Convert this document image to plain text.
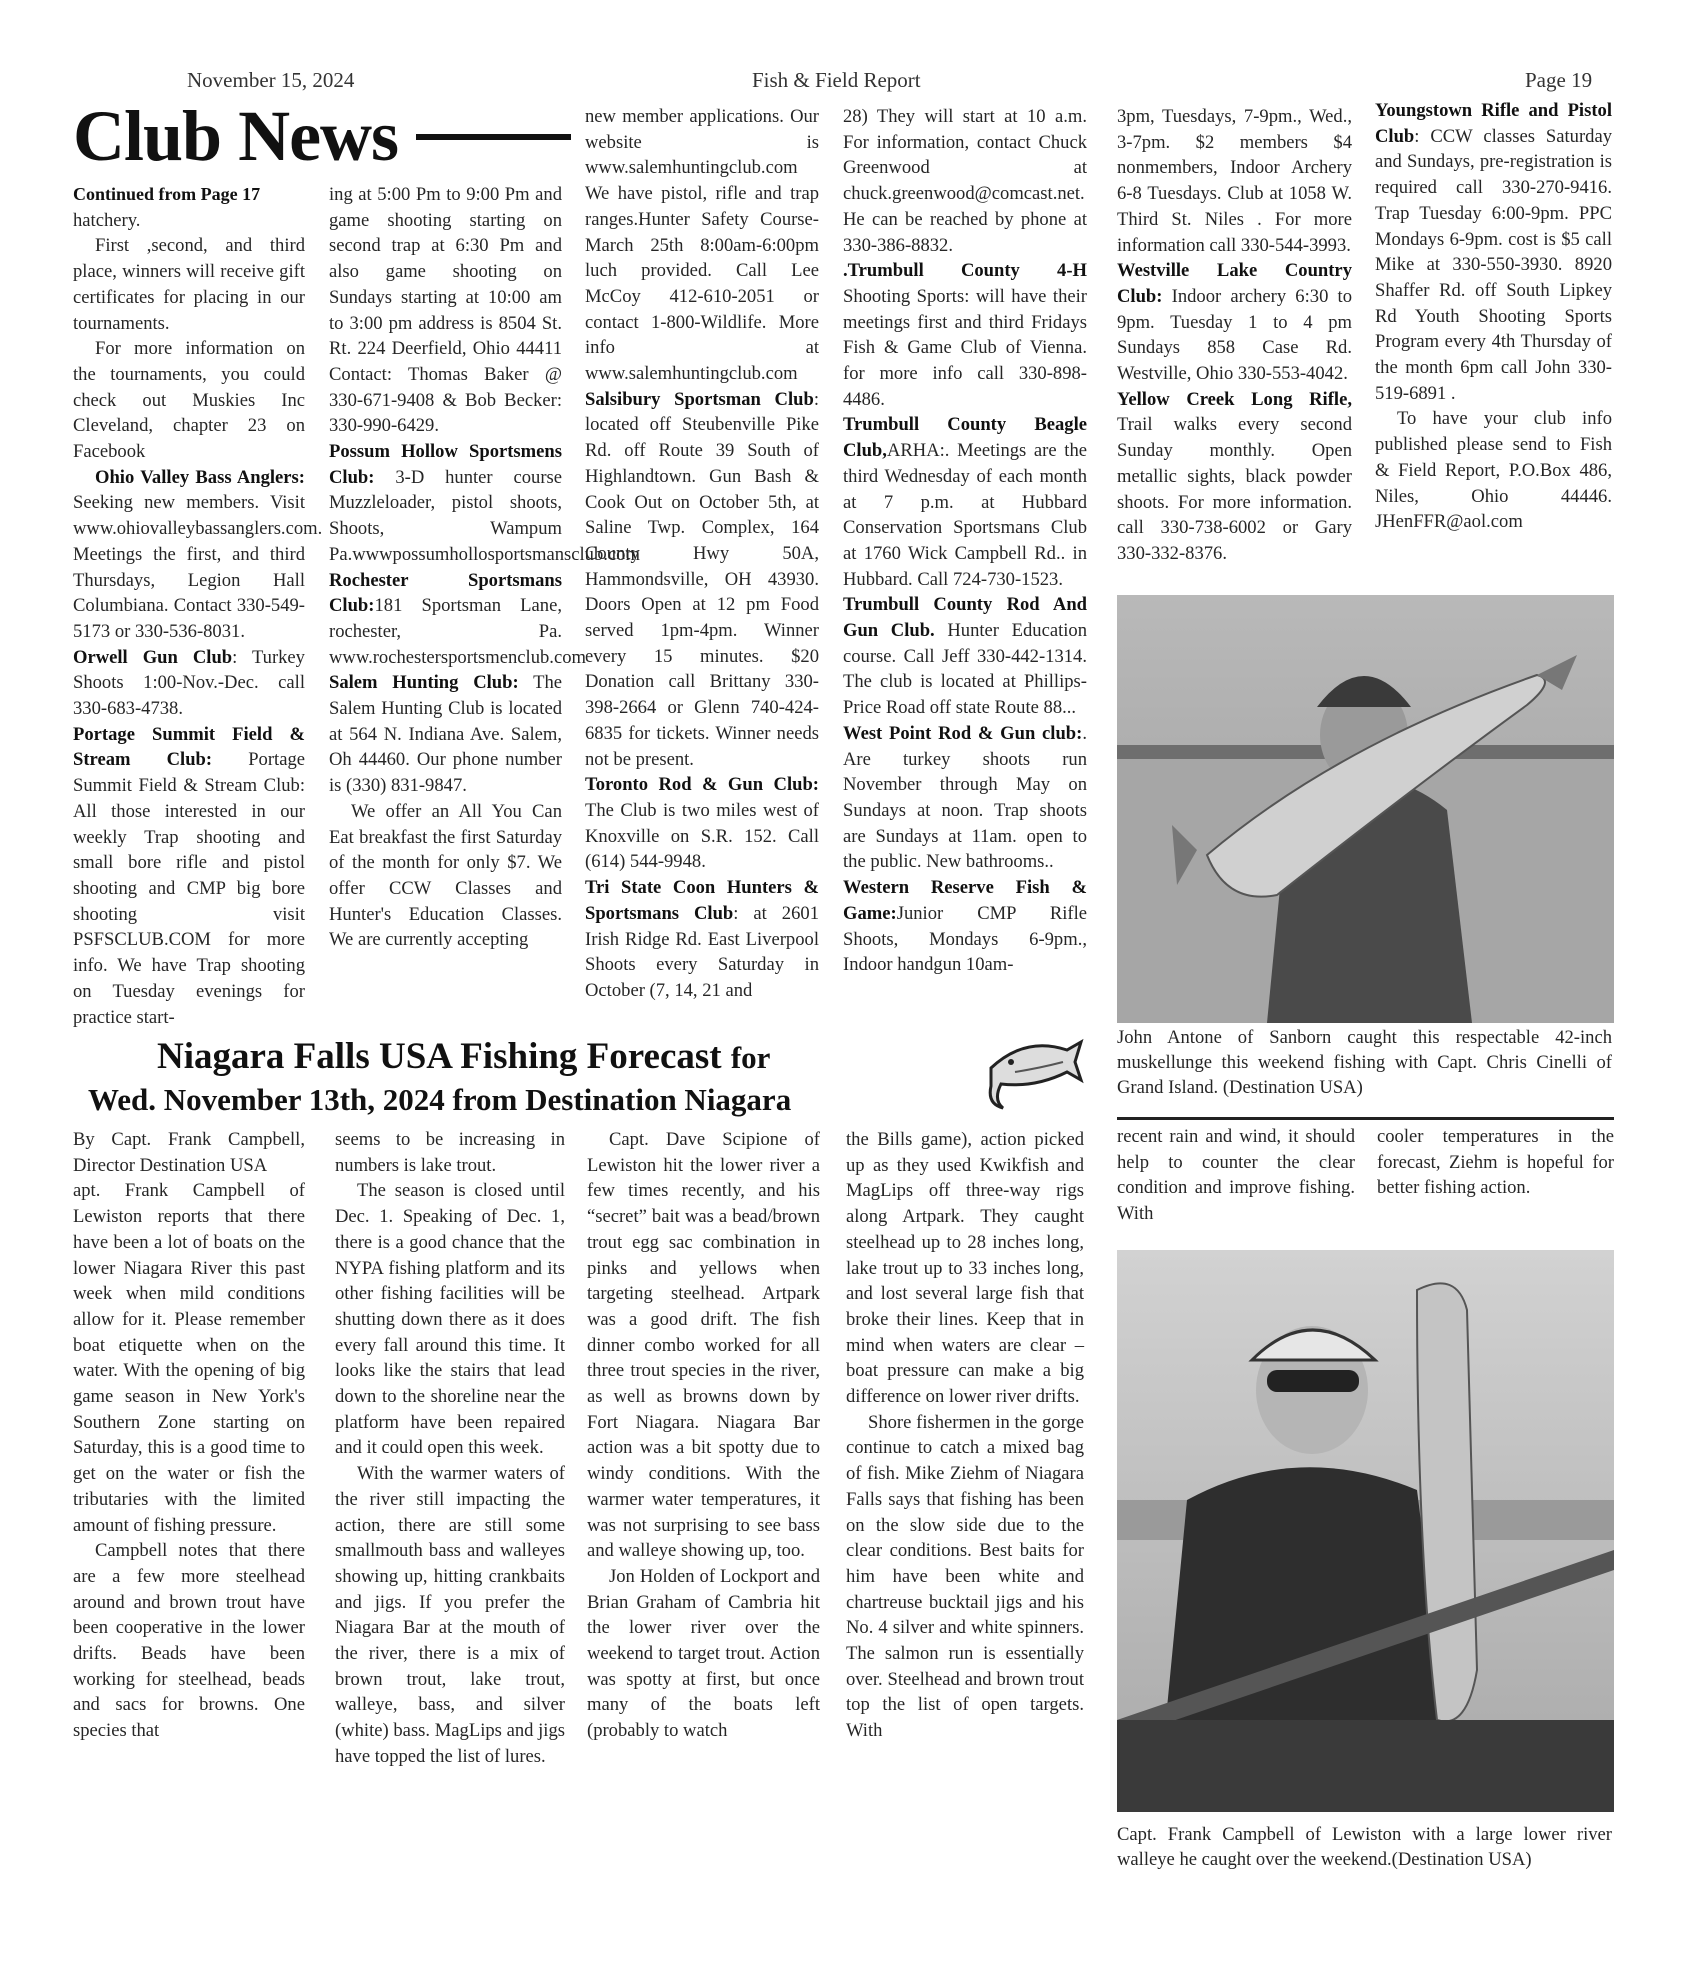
November 15, 2024	Fish & Field Report	Page 19
Club News

Continued from Page 17

hatchery.

First ,second, and third place, winners will receive gift certificates for placing in our tournaments.

For more information on the tournaments, you could check out Muskies Inc Cleveland, chapter 23 on Facebook

Ohio Valley Bass Anglers: Seeking new members. Visit www.ohiovalleybassanglers.com. Meetings the first, and third Thursdays, Legion Hall Columbiana. Contact 330-549-5173 or 330-536-8031.

Orwell Gun Club: Turkey Shoots 1:00-Nov.-Dec. call 330-683-4738.

Portage Summit Field & Stream Club: Portage Summit Field & Stream Club: All those interested in our weekly Trap shooting and small bore rifle and pistol shooting and CMP big bore shooting visit PSFSCLUB.COM for more info. We have Trap shooting on Tuesday evenings for practice start-

ing at 5:00 Pm to 9:00 Pm and game shooting starting on second trap at 6:30 Pm and also game shooting on Sundays starting at 10:00 am to 3:00 pm address is 8504 St. Rt. 224 Deerfield, Ohio 44411 Contact: Thomas Baker @ 330-671-9408 & Bob Becker: 330-990-6429.

Possum Hollow Sportsmens Club: 3-D hunter course Muzzleloader, pistol shoots, Shoots, Wampum Pa.wwwpossumhollosportsmansclub.com

Rochester Sportsmans Club:181 Sportsman Lane, rochester, Pa. www.rochestersportsmenclub.com

Salem Hunting Club: The Salem Hunting Club is located at 564 N. Indiana Ave. Salem, Oh 44460. Our phone number is (330) 831-9847.

We offer an All You Can Eat breakfast the first Saturday of the month for only $7. We offer CCW Classes and Hunter's Education Classes. We are currently accepting

new member applications. Our website is www.salemhuntingclub.com We have pistol, rifle and trap ranges.Hunter Safety Course-March 25th 8:00am-6:00pm luch provided. Call Lee McCoy 412-610-2051 or contact 1-800-Wildlife. More info at www.salemhuntingclub.com

Salsibury Sportsman Club: located off Steubenville Pike Rd. off Route 39 South of Highlandtown. Gun Bash & Cook Out on October 5th, at Saline Twp. Complex, 164 County Hwy 50A, Hammondsville, OH 43930. Doors Open at 12 pm Food served 1pm-4pm. Winner every 15 minutes. $20 Donation call Brittany 330-398-2664 or Glenn 740-424-6835 for tickets. Winner needs not be present.

Toronto Rod & Gun Club: The Club is two miles west of Knoxville on S.R. 152. Call (614) 544-9948.

Tri State Coon Hunters & Sportsmans Club: at 2601 Irish Ridge Rd. East Liverpool Shoots every Saturday in October (7, 14, 21 and

28) They will start at 10 a.m. For information, contact Chuck Greenwood at chuck.greenwood@comcast.net. He can be reached by phone at 330-386-8832.

.Trumbull County 4-H Shooting Sports: will have their meetings first and third Fridays Fish & Game Club of Vienna. for more info call 330-898-4486.

Trumbull County Beagle Club,ARHA:. Meetings are the third Wednesday of each month at 7 p.m. at Hubbard Conservation Sportsmans Club at 1760 Wick Campbell Rd.. in Hubbard. Call 724-730-1523.

Trumbull County Rod And Gun Club. Hunter Education course. Call Jeff 330-442-1314. The club is located at Phillips-Price Road off state Route 88...

West Point Rod & Gun club:. Are turkey shoots run November through May on Sundays at noon. Trap shoots are Sundays at 11am. open to the public. New bathrooms..

Western Reserve Fish & Game:Junior CMP Rifle Shoots, Mondays 6-9pm., Indoor handgun 10am-

3pm, Tuesdays, 7-9pm., Wed., 3-7pm. $2 members $4 nonmembers, Indoor Archery 6-8 Tuesdays. Club at 1058 W. Third St. Niles . For more information call 330-544-3993.

Westville Lake Country Club: Indoor archery 6:30 to 9pm. Tuesday 1 to 4 pm Sundays 858 Case Rd. Westville, Ohio 330-553-4042.

Yellow Creek Long Rifle, Trail walks every second Sunday monthly. Open metallic sights, black powder shoots. For more information. call 330-738-6002 or Gary 330-332-8376.

Youngstown Rifle and Pistol Club: CCW classes Saturday and Sundays, pre-registration is required call 330-270-9416. Trap Tuesday 6:00-9pm. PPC Mondays 6-9pm. cost is $5 call Mike at 330-550-3930. 8920 Shaffer Rd. off South Lipkey Rd Youth Shooting Sports Program every 4th Thursday of the month 6pm call John 330-519-6891 .

To have your club info published please send to Fish & Field Report, P.O.Box 486, Niles, Ohio 44446. JHenFFR@aol.com

John Antone of Sanborn caught this respectable 42-inch muskellunge this weekend fishing with Capt. Chris Cinelli of Grand Island. (Destination USA)
Niagara Falls USA Fishing Forecast for
Wed. November 13th, 2024 from Destination Niagara

By Capt. Frank Campbell, Director Destination USA

apt. Frank Campbell of Lewiston reports that there have been a lot of boats on the lower Niagara River this past week when mild conditions allow for it. Please remember boat etiquette when on the water. With the opening of big game season in New York's Southern Zone starting on Saturday, this is a good time to get on the water or fish the tributaries with the limited amount of fishing pressure.

Campbell notes that there are a few more steelhead around and brown trout have been cooperative in the lower drifts. Beads have been working for steelhead, beads and sacs for browns. One species that

seems to be increasing in numbers is lake trout.

The season is closed until Dec. 1. Speaking of Dec. 1, there is a good chance that the NYPA fishing platform and its other fishing facilities will be shutting down there as it does every fall around this time. It looks like the stairs that lead down to the shoreline near the platform have been repaired and it could open this week.

With the warmer waters of the river still impacting the action, there are still some smallmouth bass and walleyes showing up, hitting crankbaits and jigs. If you prefer the Niagara Bar at the mouth of the river, there is a mix of brown trout, lake trout, walleye, bass, and silver (white) bass. MagLips and jigs have topped the list of lures.

Capt. Dave Scipione of Lewiston hit the lower river a few times recently, and his “secret” bait was a bead/brown trout egg sac combination in pinks and yellows when targeting steelhead. Artpark was a good drift. The fish dinner combo worked for all three trout species in the river, as well as browns down by Fort Niagara. Niagara Bar action was a bit spotty due to windy conditions. With the warmer water temperatures, it was not surprising to see bass and walleye showing up, too.

Jon Holden of Lockport and Brian Graham of Cambria hit the lower river over the weekend to target trout. Action was spotty at first, but once many of the boats left (probably to watch

the Bills game), action picked up as they used Kwikfish and MagLips off three-way rigs along Artpark. They caught steelhead up to 28 inches long, lake trout up to 33 inches long, and lost several large fish that broke their lines. Keep that in mind when waters are clear – boat pressure can make a big difference on lower river drifts.

Shore fishermen in the gorge continue to catch a mixed bag of fish. Mike Ziehm of Niagara Falls says that fishing has been on the slow side due to the clear conditions. Best baits for him have been white and chartreuse bucktail jigs and his No. 4 silver and white spinners. The salmon run is essentially over. Steelhead and brown trout top the list of open targets. With

recent rain and wind, it should help to counter the clear condition and improve fishing. With

cooler temperatures in the forecast, Ziehm is hopeful for better fishing action.

Capt. Frank Campbell of Lewiston with a large lower river walleye he caught over the weekend.(Destination USA)
